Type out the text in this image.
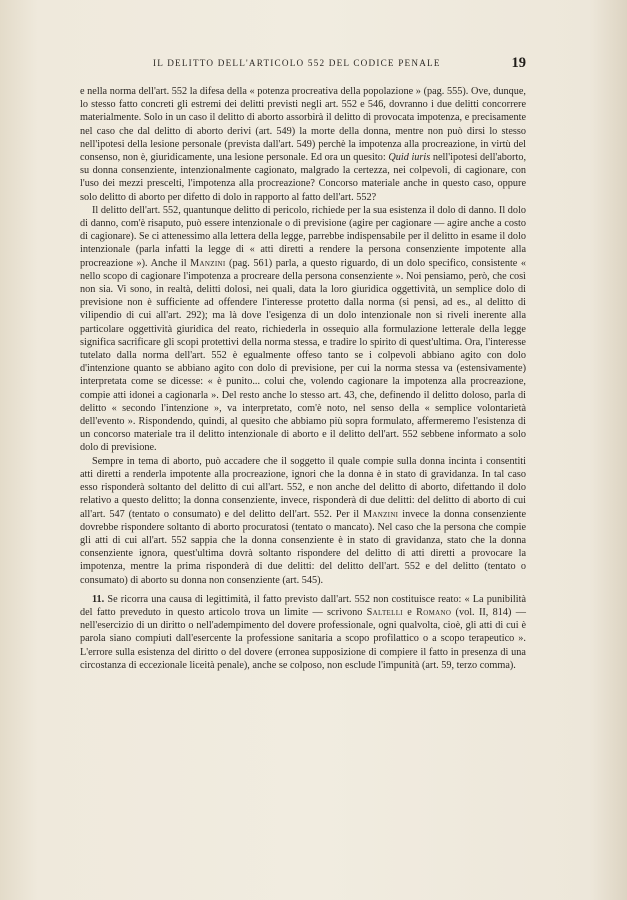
IL DELITTO DELL'ARTICOLO 552 DEL CODICE PENALE	19

e nella norma dell'art. 552 la difesa della « potenza procreativa della popolazione » (pag. 555). Ove, dunque, lo stesso fatto concreti gli estremi dei delitti previsti negli art. 552 e 546, dovranno i due delitti concorrere materialmente. Solo in un caso il delitto di aborto assorbirà il delitto di provocata impotenza, e precisamente nel caso che dal delitto di aborto derivi (art. 549) la morte della donna, mentre non può dirsi lo stesso nell'ipotesi della lesione personale (prevista dall'art. 549) perchè la impotenza alla procreazione, in virtù del consenso, non è, giuridicamente, una lesione personale. Ed ora un quesito: Quid iuris nell'ipotesi dell'aborto, su donna consenziente, intenzionalmente cagionato, malgrado la certezza, nei colpevoli, di cagionare, con l'uso dei mezzi prescelti, l'impotenza alla procreazione? Concorso materiale anche in questo caso, oppure solo delitto di aborto per difetto di dolo in rapporto al fatto dell'art. 552?

Il delitto dell'art. 552, quantunque delitto di pericolo, richiede per la sua esistenza il dolo di danno. Il dolo di danno, com'è risaputo, può essere intenzionale o di previsione (agire per cagionare — agire anche a costo di cagionare). Se ci attenessimo alla lettera della legge, parrebbe indispensabile per il delitto in esame il dolo intenzionale (parla infatti la legge di « atti diretti a rendere la persona consenziente impotente alla procreazione »). Anche il Manzini (pag. 561) parla, a questo riguardo, di un dolo specifico, consistente « nello scopo di cagionare l'impotenza a procreare della persona consenziente ». Noi pensiamo, però, che così non sia. Vi sono, in realtà, delitti dolosi, nei quali, data la loro giuridica oggettività, un semplice dolo di previsione non è sufficiente ad offendere l'interesse protetto dalla norma (si pensi, ad es., al delitto di vilipendio di cui all'art. 292); ma là dove l'esigenza di un dolo intenzionale non si riveli inerente alla particolare oggettività giuridica del reato, richiederla in ossequio alla formulazione letterale della legge significa sacrificare gli scopi protettivi della norma stessa, e tradire lo spirito di quest'ultima. Ora, l'interesse tutelato dalla norma dell'art. 552 è egualmente offeso tanto se i colpevoli abbiano agito con dolo d'intenzione quanto se abbiano agito con dolo di previsione, per cui la norma stessa va (estensivamente) interpretata come se dicesse: « è punito... colui che, volendo cagionare la impotenza alla procreazione, compie atti idonei a cagionarla ». Del resto anche lo stesso art. 43, che, definendo il delitto doloso, parla di delitto « secondo l'intenzione », va interpretato, com'è noto, nel senso della « semplice volontarietà dell'evento ». Rispondendo, quindi, al quesito che abbiamo più sopra formulato, affermeremo l'esistenza di un concorso materiale tra il delitto intenzionale di aborto e il delitto dell'art. 552 sebbene informato a solo dolo di previsione.

Sempre in tema di aborto, può accadere che il soggetto il quale compie sulla donna incinta i consentiti atti diretti a renderla impotente alla procreazione, ignori che la donna è in stato di gravidanza. In tal caso esso risponderà soltanto del delitto di cui all'art. 552, e non anche del delitto di aborto, difettando il dolo relativo a questo delitto; la donna consenziente, invece, risponderà di due delitti: del delitto di aborto di cui all'art. 547 (tentato o consumato) e del delitto dell'art. 552. Per il Manzini invece la donna consenziente dovrebbe rispondere soltanto di aborto procuratosi (tentato o mancato). Nel caso che la persona che compie gli atti di cui all'art. 552 sappia che la donna consenziente è in stato di gravidanza, stato che la donna consenziente ignora, quest'ultima dovrà soltanto rispondere del delitto di atti diretti a provocare la impotenza, mentre la prima risponderà di due delitti: del delitto dell'art. 552 e del delitto (tentato o consumato) di aborto su donna non consenziente (art. 545).

11. Se ricorra una causa di legittimità, il fatto previsto dall'art. 552 non costituisce reato: « La punibilità del fatto preveduto in questo articolo trova un limite — scrivono Saltelli e Romano (vol. II, 814) — nell'esercizio di un diritto o nell'adempimento del dovere professionale, ogni qualvolta, cioè, gli atti di cui è parola siano compiuti dall'esercente la professione sanitaria a scopo profilattico o a scopo terapeutico ». L'errore sulla esistenza del diritto o del dovere (erronea supposizione di compiere il fatto in presenza di una circostanza di eccezionale liceità penale), anche se colposo, non esclude l'impunità (art. 59, terzo comma).
